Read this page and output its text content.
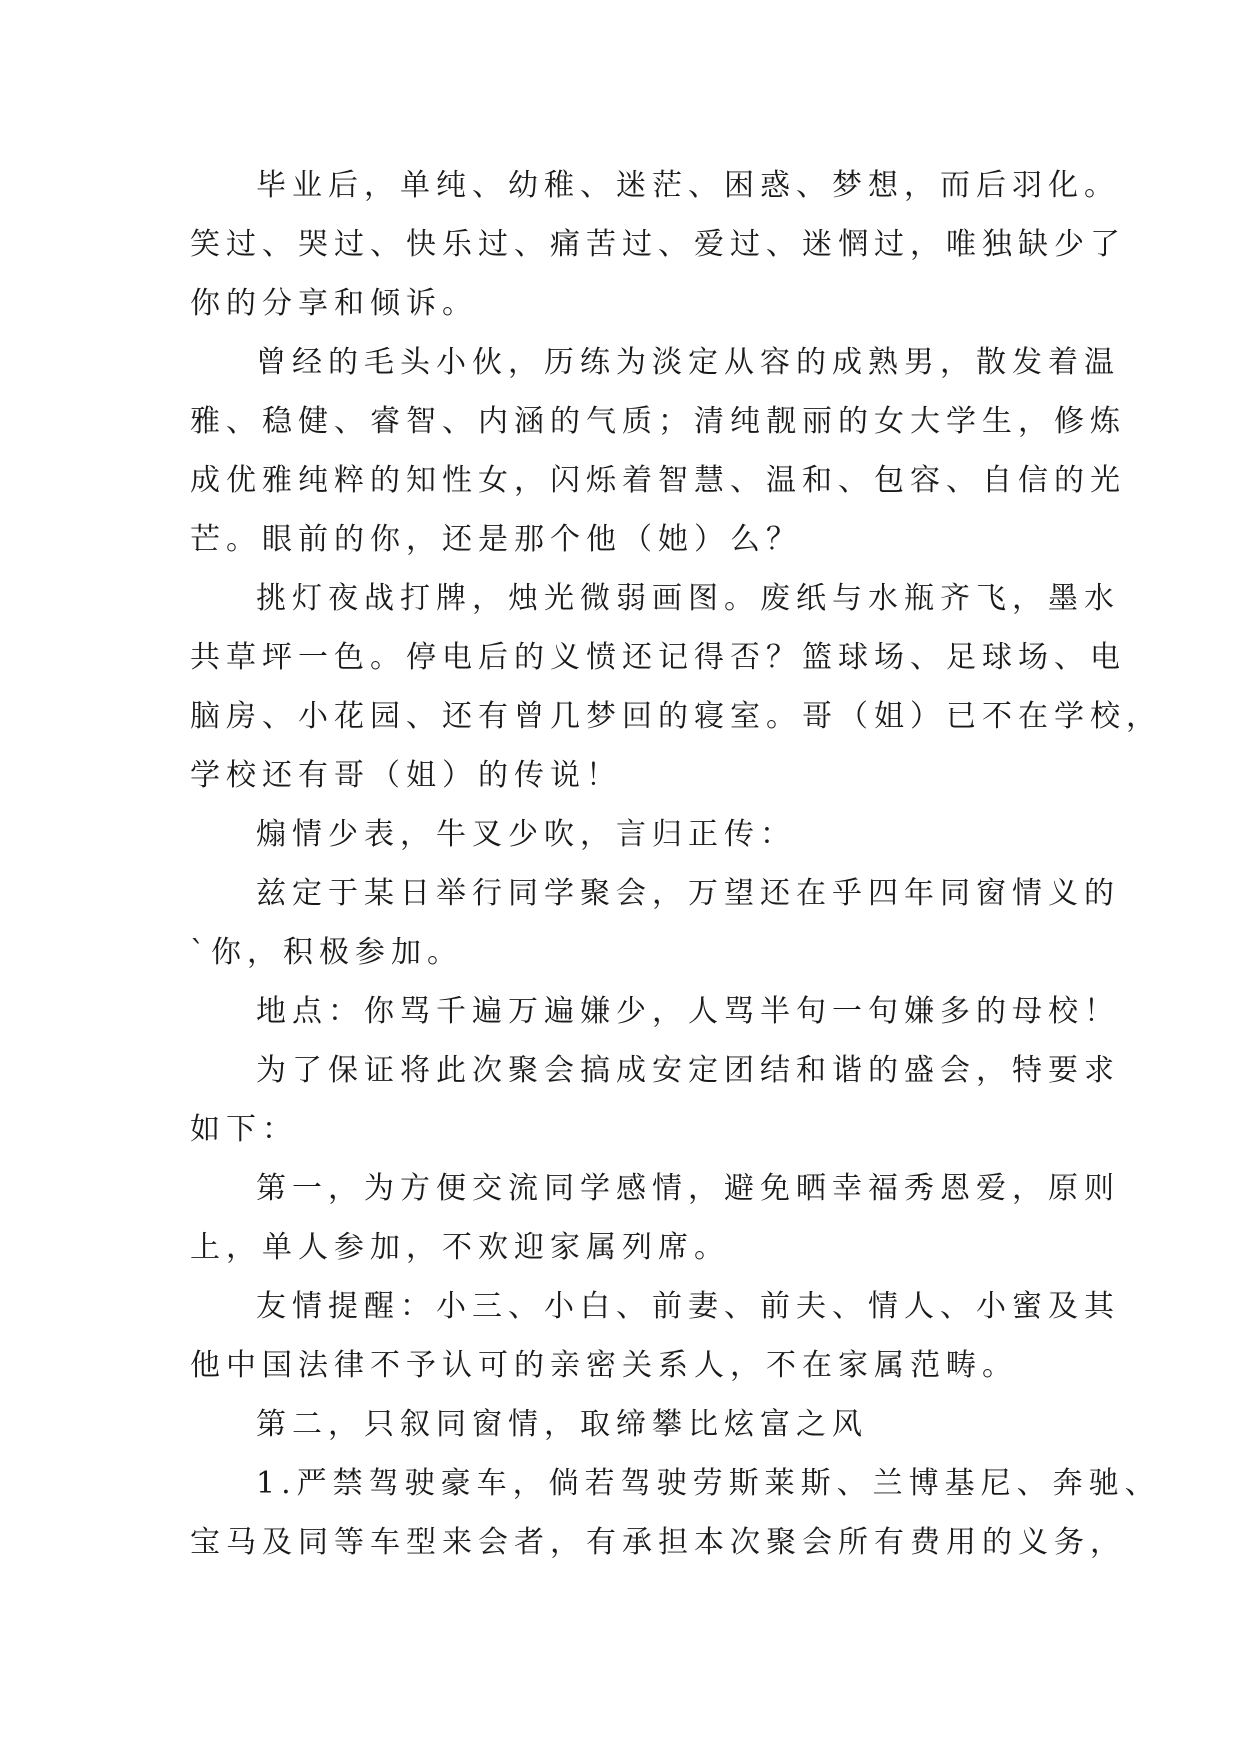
毕业后，单纯、幼稚、迷茫、困惑、梦想，而后羽化。
笑过、哭过、快乐过、痛苦过、爱过、迷惘过，唯独缺少了
你的分享和倾诉。
曾经的毛头小伙，历练为淡定从容的成熟男，散发着温
雅、稳健、睿智、内涵的气质；清纯靓丽的女大学生，修炼
成优雅纯粹的知性女，闪烁着智慧、温和、包容、自信的光
芒。眼前的你，还是那个他（她）么？
挑灯夜战打牌，烛光微弱画图。废纸与水瓶齐飞，墨水
共草坪一色。停电后的义愤还记得否？篮球场、足球场、电
脑房、小花园、还有曾几梦回的寝室。哥（姐）已不在学校，
学校还有哥（姐）的传说！
煽情少表，牛叉少吹，言归正传：
兹定于某日举行同学聚会，万望还在乎四年同窗情义的
`你，积极参加。
地点：你骂千遍万遍嫌少，人骂半句一句嫌多的母校！
为了保证将此次聚会搞成安定团结和谐的盛会，特要求
如下：
第一，为方便交流同学感情，避免晒幸福秀恩爱，原则
上，单人参加，不欢迎家属列席。
友情提醒：小三、小白、前妻、前夫、情人、小蜜及其
他中国法律不予认可的亲密关系人，不在家属范畴。
第二，只叙同窗情，取缔攀比炫富之风
1.严禁驾驶豪车，倘若驾驶劳斯莱斯、兰博基尼、奔驰、
宝马及同等车型来会者，有承担本次聚会所有费用的义务，
